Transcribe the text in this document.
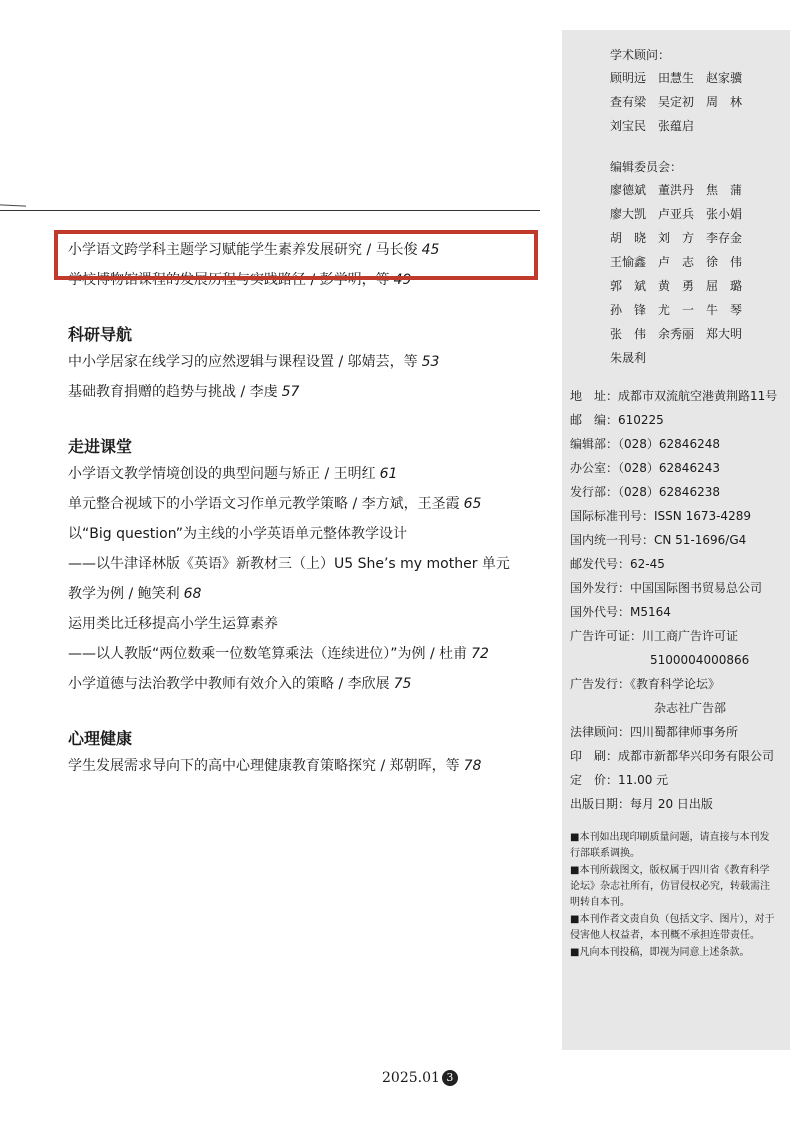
小学语文跨学科主题学习赋能学生素养发展研究 / 马长俊 45
学校博物馆课程的发展历程与实践路径 / 彭学明，等 49
科研导航
中小学居家在线学习的应然逻辑与课程设置 / 邬婧芸，等 53
基础教育捐赠的趋势与挑战 / 李虔 57
走进课堂
小学语文教学情境创设的典型问题与矫正 / 王明红 61
单元整合视域下的小学语文习作单元教学策略 / 李方斌，王圣霞 65
以“Big question”为主线的小学英语单元整体教学设计
——以牛津译林版《英语》新教材三（上）U5 She’s my mother 单元
教学为例 / 鲍笑利 68
运用类比迁移提高小学生运算素养
——以人教版“两位数乘一位数笔算乘法（连续进位）”为例 / 杜甫 72
小学道德与法治教学中教师有效介入的策略 / 李欣展 75
心理健康
学生发展需求导向下的高中心理健康教育策略探究 / 郑朝晖，等 78
学术顾问：
顾明远　田慧生　赵家骥
查有梁　吴定初　周　林
刘宝民　张蕴启
编辑委员会：
廖德斌　董洪丹　焦　蒲
廖大凯　卢亚兵　张小娟
胡　晓　刘　方　李存金
王愉鑫　卢　志　徐　伟
郭　斌　黄　勇　屈　璐
孙　锋　尤　一　牛　琴
张　伟　余秀丽　郑大明
朱晟利
地　址：成都市双流航空港黄荆路11号
邮　编：610225
编辑部：（028）62846248
办公室：（028）62846243
发行部：（028）62846238
国际标准刊号：ISSN 1673-4289
国内统一刊号：CN 51-1696/G4
邮发代号：62-45
国外发行：中国国际图书贸易总公司
国外代号：M5164
广告许可证：川工商广告许可证
5100004000866
广告发行：《教育科学论坛》
杂志社广告部
法律顾问：四川蜀都律师事务所
印　刷：成都市新都华兴印务有限公司
定　价：11.00 元
出版日期：每月 20 日出版
■本刊如出现印刷质量问题，请直接与本刊发行部联系调换。
■本刊所载图文，版权属于四川省《教育科学论坛》杂志社所有，仿冒侵权必究，转载需注明转自本刊。
■本刊作者文责自负（包括文字、图片），对于侵害他人权益者，本刊概不承担连带责任。
■凡向本刊投稿，即视为同意上述条款。
2025.01 3
